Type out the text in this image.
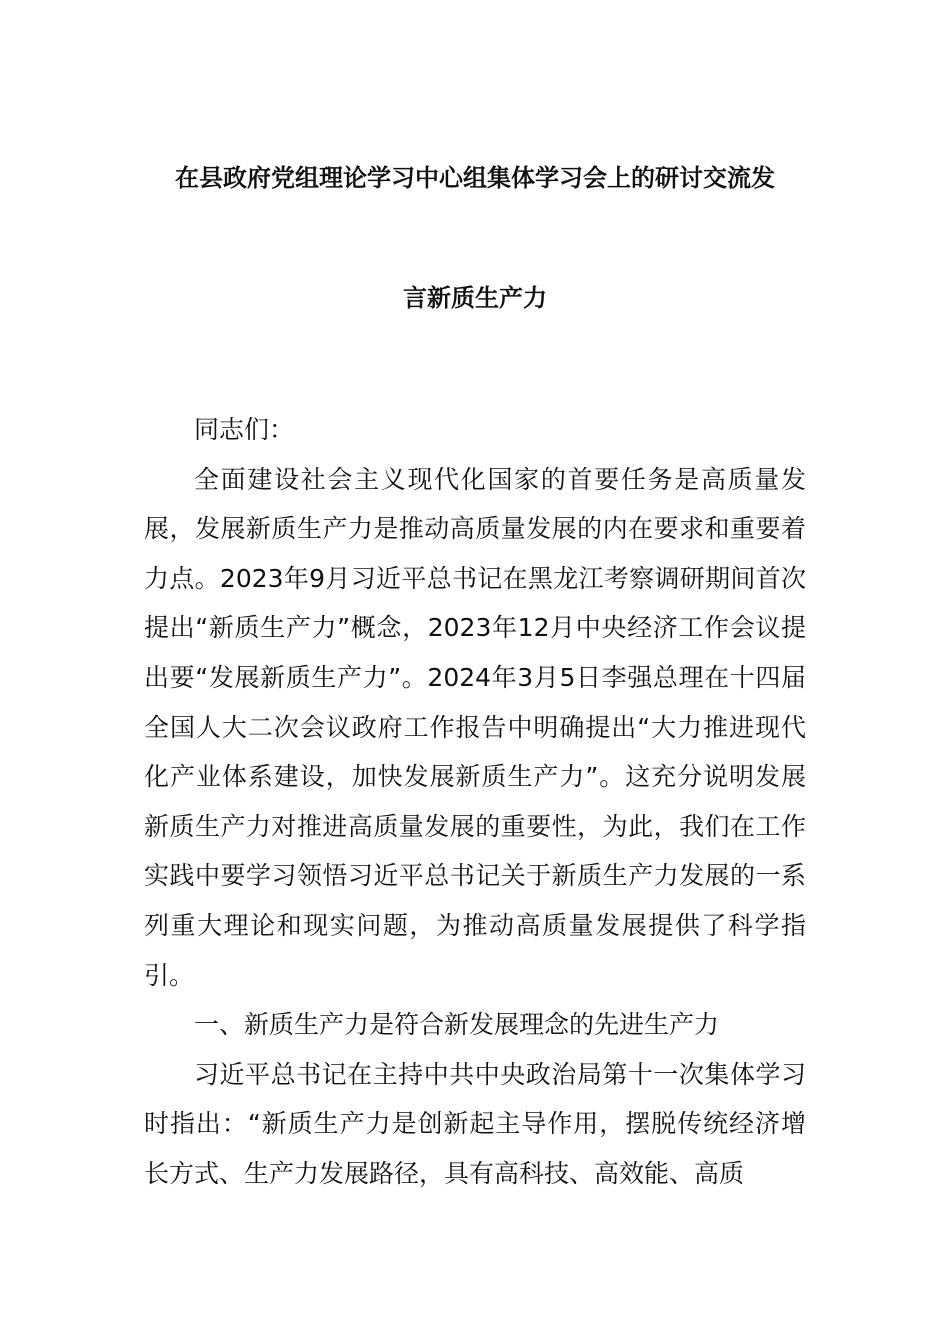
在县政府党组理论学习中心组集体学习会上的研讨交流发
言新质生产力

同志们：

全面建设社会主义现代化国家的首要任务是高质量发展，发展新质生产力是推动高质量发展的内在要求和重要着力点。2023年9月习近平总书记在黑龙江考察调研期间首次提出“新质生产力”概念，2023年12月中央经济工作会议提出要“发展新质生产力”。2024年3月5日李强总理在十四届全国人大二次会议政府工作报告中明确提出“大力推进现代化产业体系建设，加快发展新质生产力”。这充分说明发展新质生产力对推进高质量发展的重要性，为此，我们在工作实践中要学习领悟习近平总书记关于新质生产力发展的一系列重大理论和现实问题，为推动高质量发展提供了科学指引。

一、新质生产力是符合新发展理念的先进生产力

习近平总书记在主持中共中央政治局第十一次集体学习时指出：“新质生产力是创新起主导作用，摆脱传统经济增长方式、生产力发展路径，具有高科技、高效能、高质
